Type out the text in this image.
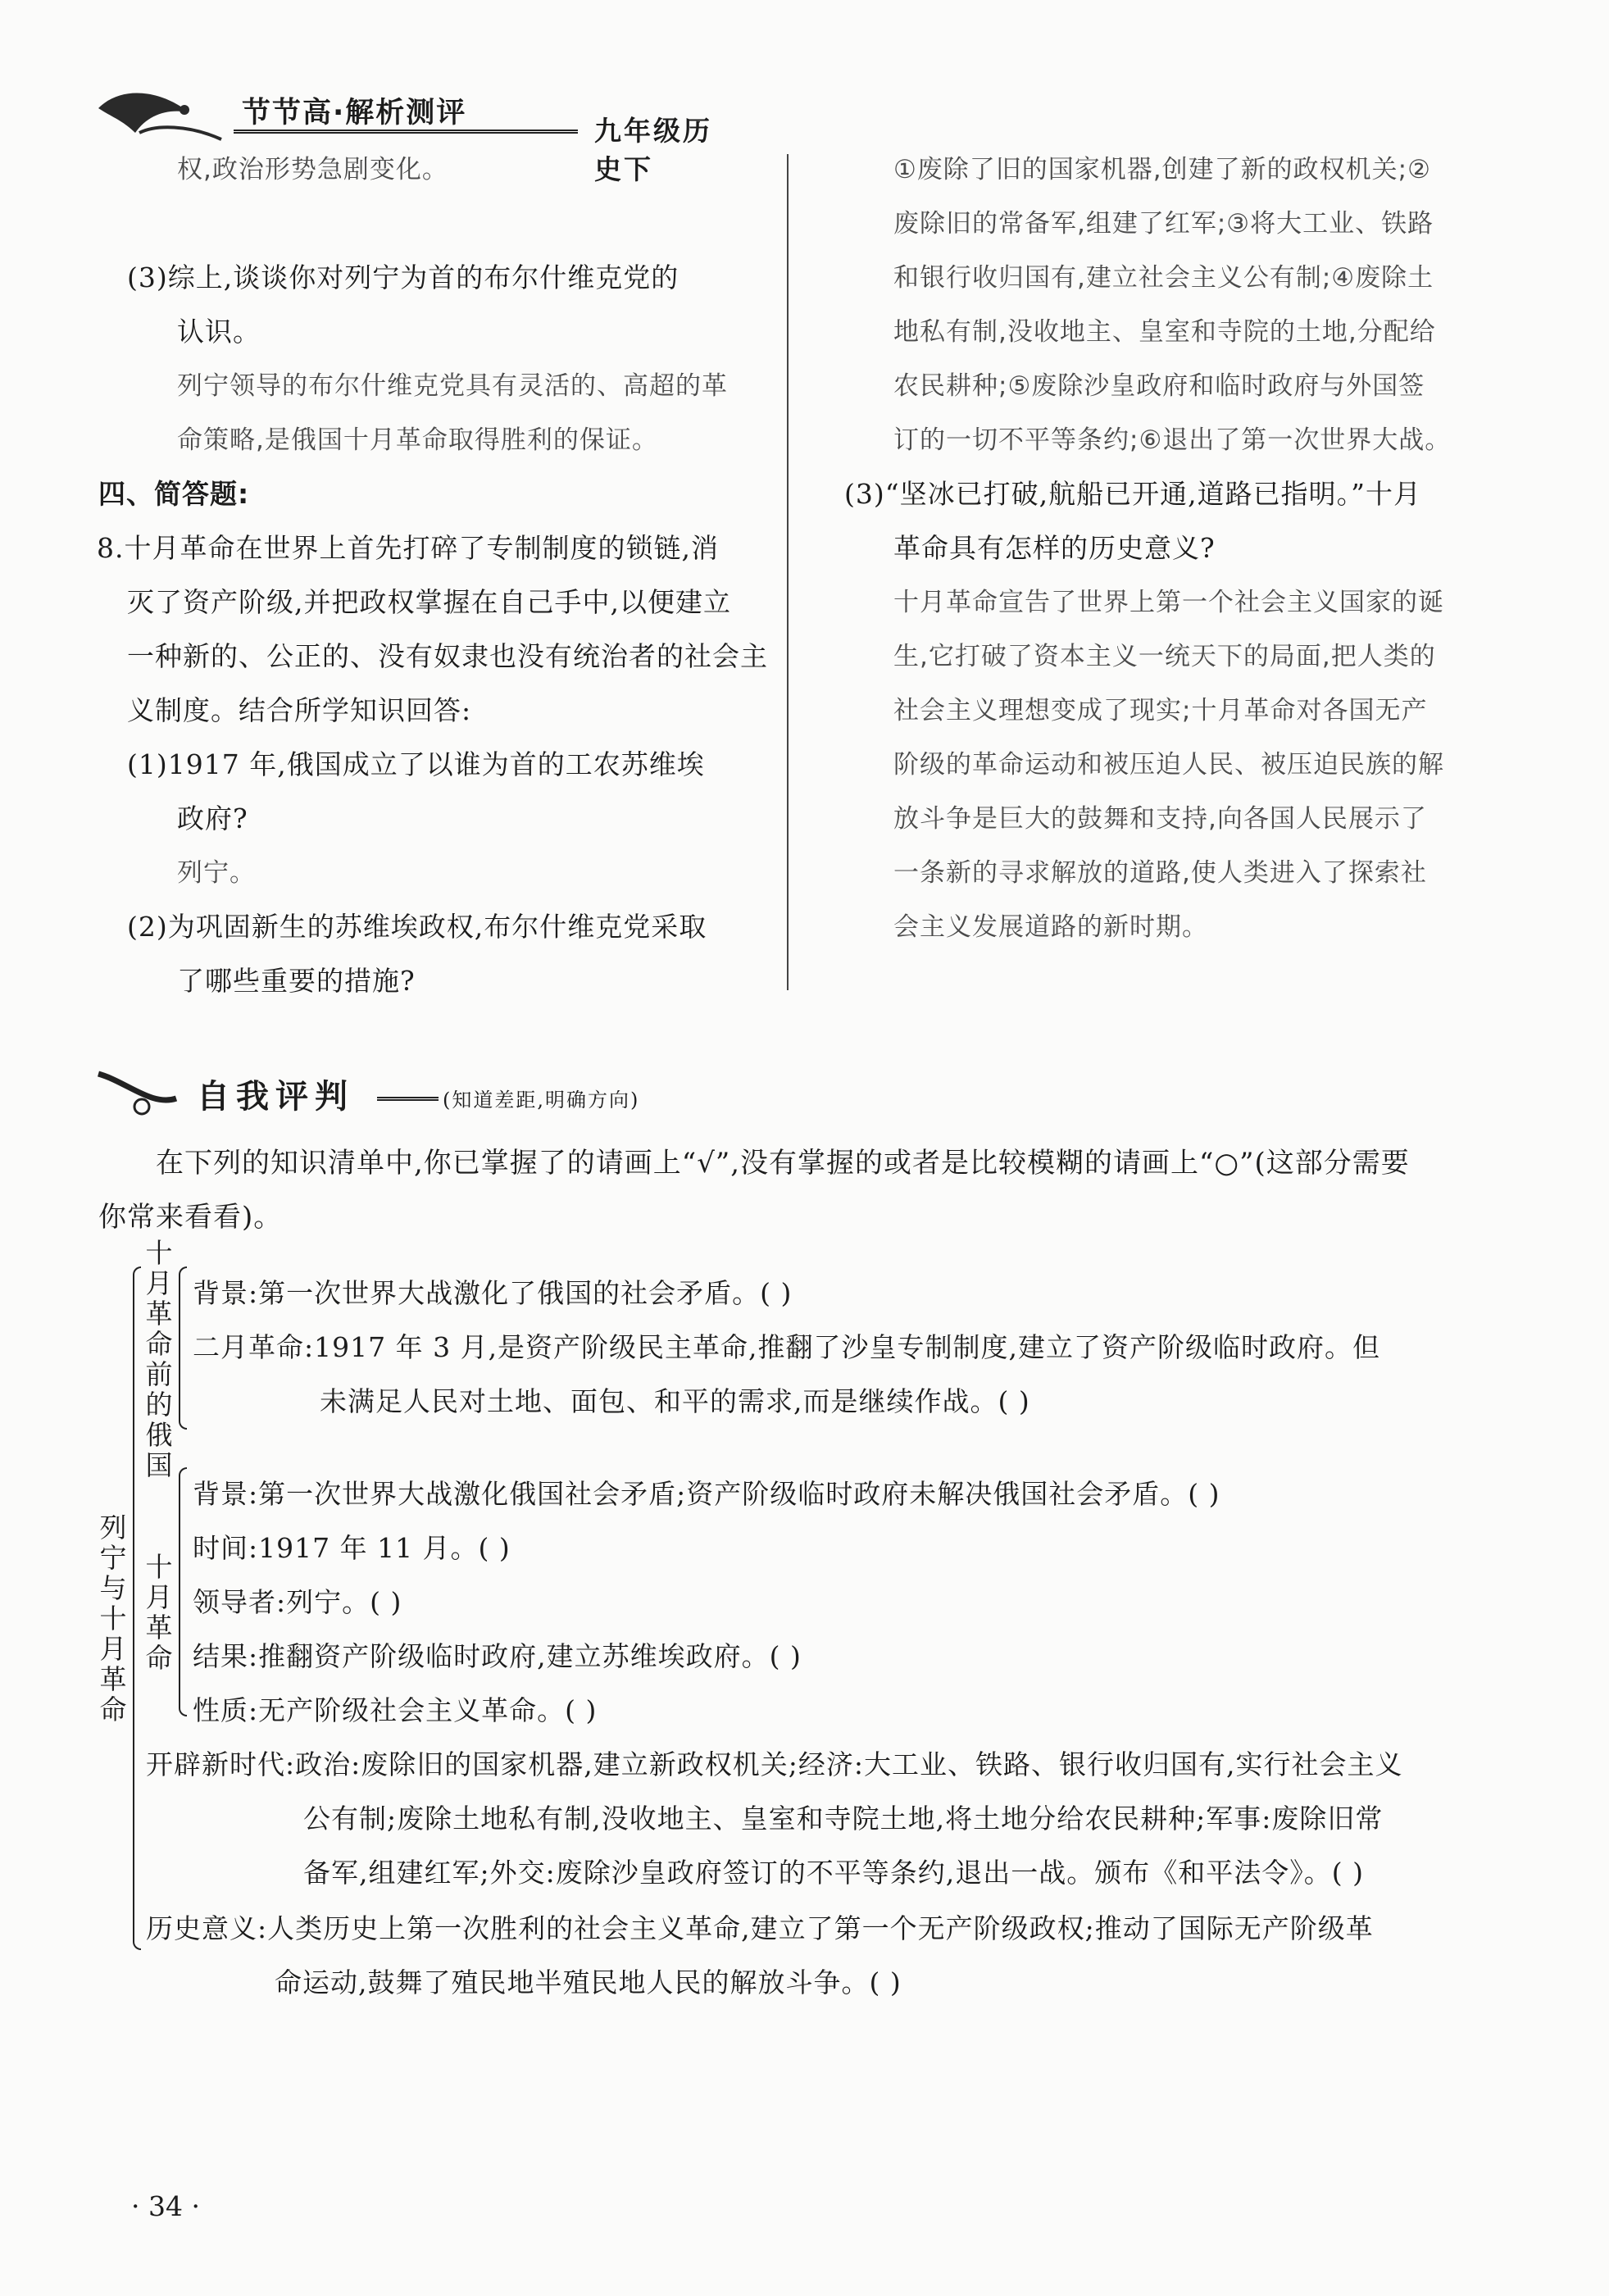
节节高·解析测评
九年级历史下
权,政治形势急剧变化。
(3)综上,谈谈你对列宁为首的布尔什维克党的
认识。
列宁领导的布尔什维克党具有灵活的、高超的革
命策略,是俄国十月革命取得胜利的保证。
四、简答题:
8.十月革命在世界上首先打碎了专制制度的锁链,消
灭了资产阶级,并把政权掌握在自己手中,以便建立
一种新的、公正的、没有奴隶也没有统治者的社会主
义制度。结合所学知识回答:
(1)1917 年,俄国成立了以谁为首的工农苏维埃
政府?
列宁。
(2)为巩固新生的苏维埃政权,布尔什维克党采取
了哪些重要的措施?
①废除了旧的国家机器,创建了新的政权机关;②
废除旧的常备军,组建了红军;③将大工业、铁路
和银行收归国有,建立社会主义公有制;④废除土
地私有制,没收地主、皇室和寺院的土地,分配给
农民耕种;⑤废除沙皇政府和临时政府与外国签
订的一切不平等条约;⑥退出了第一次世界大战。
(3)“坚冰已打破,航船已开通,道路已指明。”十月
革命具有怎样的历史意义?
十月革命宣告了世界上第一个社会主义国家的诞
生,它打破了资本主义一统天下的局面,把人类的
社会主义理想变成了现实;十月革命对各国无产
阶级的革命运动和被压迫人民、被压迫民族的解
放斗争是巨大的鼓舞和支持,向各国人民展示了
一条新的寻求解放的道路,使人类进入了探索社
会主义发展道路的新时期。
自我评判	(知道差距,明确方向)
在下列的知识清单中,你已掌握了的请画上“√”,没有掌握的或者是比较模糊的请画上“○”(这部分需要
你常来看看)。
列宁与十月革命
十月革命前的俄国
背景:第一次世界大战激化了俄国的社会矛盾。( )
二月革命:1917 年 3 月,是资产阶级民主革命,推翻了沙皇专制制度,建立了资产阶级临时政府。但
未满足人民对土地、面包、和平的需求,而是继续作战。( )
十月革命
背景:第一次世界大战激化俄国社会矛盾;资产阶级临时政府未解决俄国社会矛盾。( )
时间:1917 年 11 月。( )
领导者:列宁。( )
结果:推翻资产阶级临时政府,建立苏维埃政府。( )
性质:无产阶级社会主义革命。( )
开辟新时代:政治:废除旧的国家机器,建立新政权机关;经济:大工业、铁路、银行收归国有,实行社会主义
公有制;废除土地私有制,没收地主、皇室和寺院土地,将土地分给农民耕种;军事:废除旧常
备军,组建红军;外交:废除沙皇政府签订的不平等条约,退出一战。颁布《和平法令》。( )
历史意义:人类历史上第一次胜利的社会主义革命,建立了第一个无产阶级政权;推动了国际无产阶级革
命运动,鼓舞了殖民地半殖民地人民的解放斗争。( )
· 34 ·
